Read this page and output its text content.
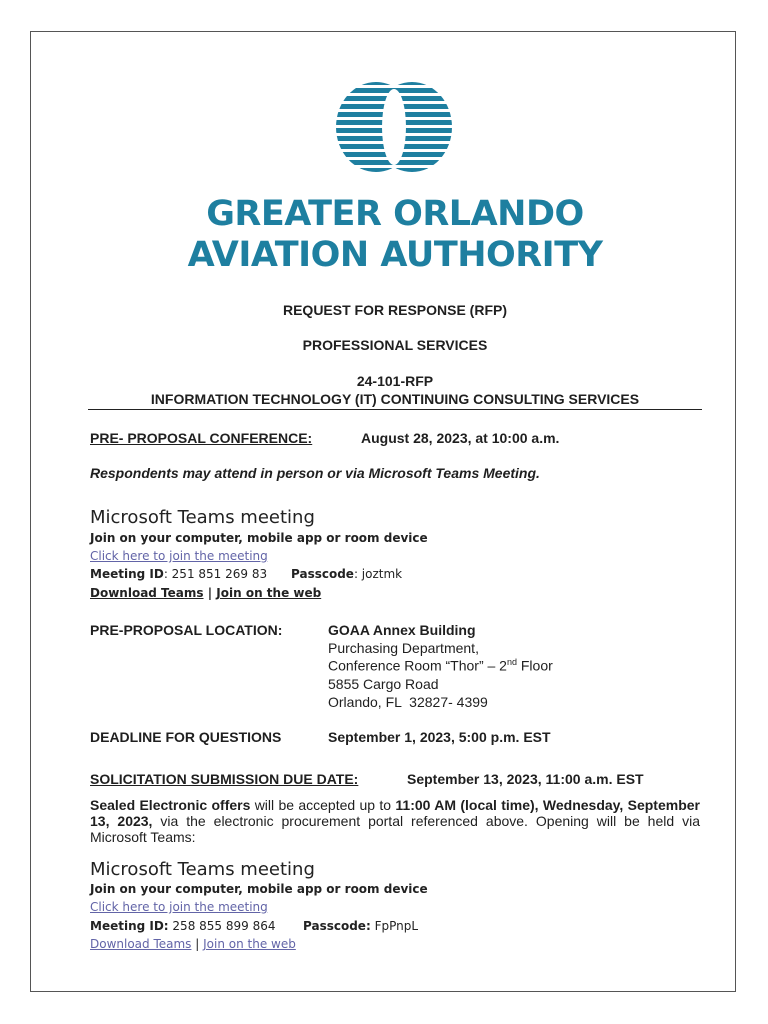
GREATER ORLANDO
AVIATION AUTHORITY
REQUEST FOR RESPONSE (RFP)
PROFESSIONAL SERVICES
24-101-RFP
INFORMATION TECHNOLOGY (IT) CONTINUING CONSULTING SERVICES
PRE- PROPOSAL CONFERENCE:	August 28, 2023, at 10:00 a.m.
Respondents may attend in person or via Microsoft Teams Meeting.
Microsoft Teams meeting
Join on your computer, mobile app or room device
Click here to join the meeting
Meeting ID: 251 851 269 83 Passcode: joztmk
Download Teams | Join on the web
PRE-PROPOSAL LOCATION:	GOAA Annex Building
Purchasing Department,
Conference Room “Thor” – 2nd Floor
5855 Cargo Road
Orlando, FL  32827- 4399
DEADLINE FOR QUESTIONS	September 1, 2023, 5:00 p.m. EST
SOLICITATION SUBMISSION DUE DATE:	September 13, 2023, 11:00 a.m. EST
Sealed Electronic offers will be accepted up to 11:00 AM (local time), Wednesday, September 13, 2023, via the electronic procurement portal referenced above. Opening will be held via Microsoft Teams:
Microsoft Teams meeting
Join on your computer, mobile app or room device
Click here to join the meeting
Meeting ID: 258 855 899 864 Passcode: FpPnpL
Download Teams | Join on the web
